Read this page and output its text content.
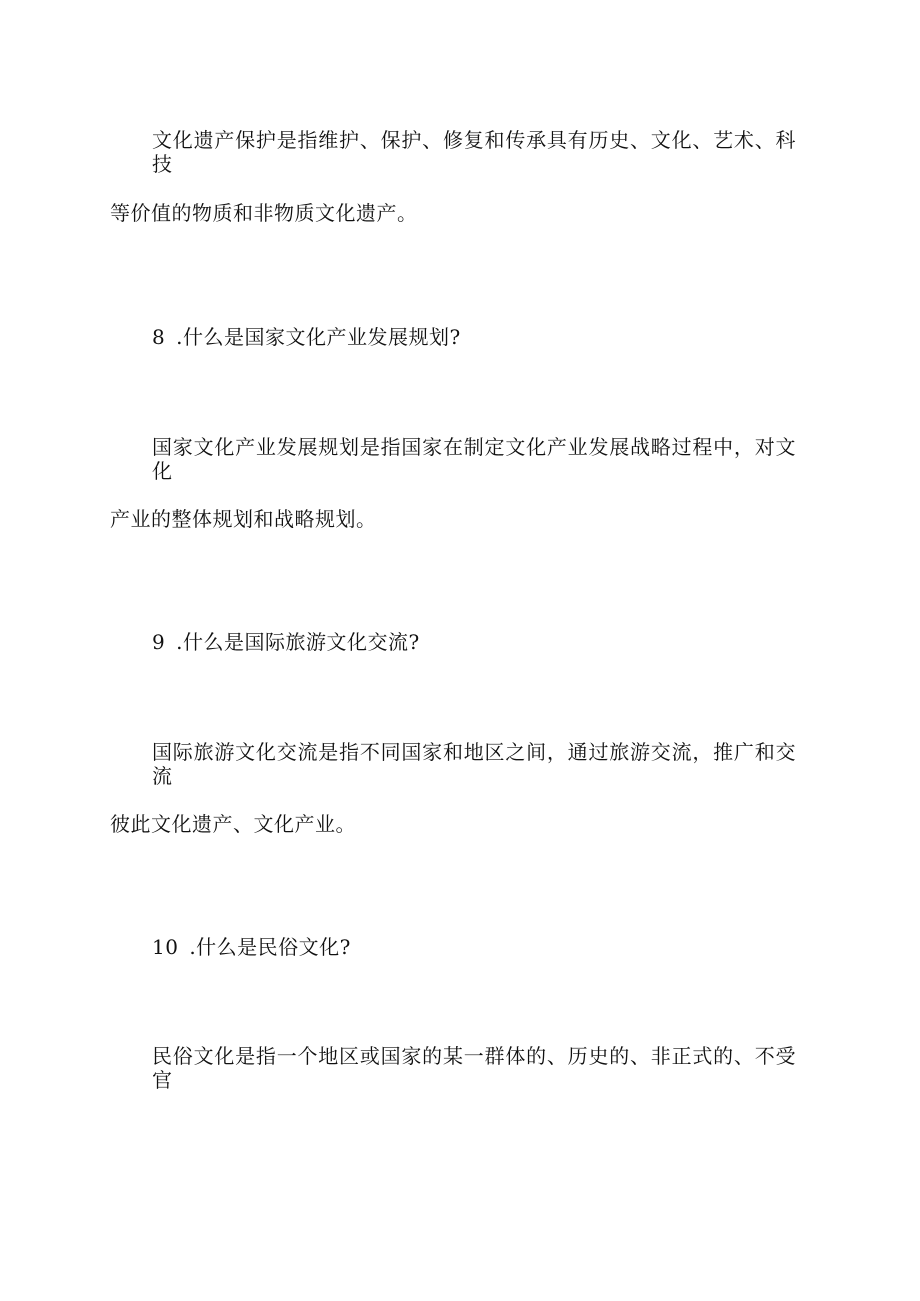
文化遗产保护是指维护、保护、修复和传承具有历史、文化、艺术、科技
等价值的物质和非物质文化遗产。
8 .什么是国家文化产业发展规划?
国家文化产业发展规划是指国家在制定文化产业发展战略过程中，对文化
产业的整体规划和战略规划。
9 .什么是国际旅游文化交流?
国际旅游文化交流是指不同国家和地区之间，通过旅游交流，推广和交流
彼此文化遗产、文化产业。
10 .什么是民俗文化?
民俗文化是指一个地区或国家的某一群体的、历史的、非正式的、不受官
